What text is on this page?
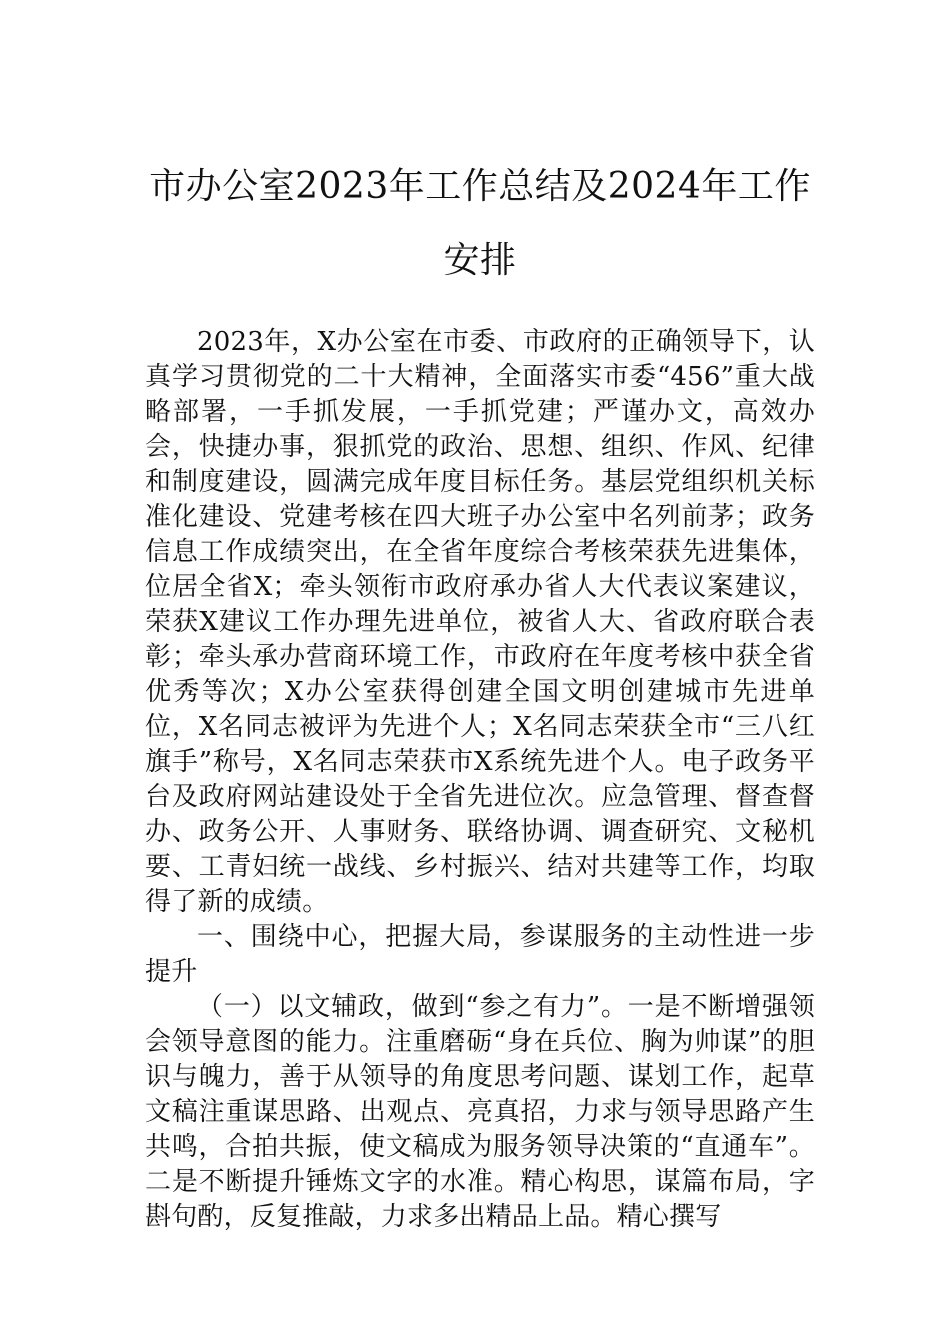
市办公室2023年工作总结及2024年工作安排

2023年，X办公室在市委、市政府的正确领导下，认真学习贯彻党的二十大精神，全面落实市委“456”重大战略部署，一手抓发展，一手抓党建；严谨办文，高效办会，快捷办事，狠抓党的政治、思想、组织、作风、纪律和制度建设，圆满完成年度目标任务。基层党组织机关标准化建设、党建考核在四大班子办公室中名列前茅；政务信息工作成绩突出，在全省年度综合考核荣获先进集体，位居全省X；牵头领衔市政府承办省人大代表议案建议，荣获X建议工作办理先进单位，被省人大、省政府联合表彰；牵头承办营商环境工作，市政府在年度考核中获全省优秀等次；X办公室获得创建全国文明创建城市先进单位，X名同志被评为先进个人；X名同志荣获全市“三八红旗手”称号，X名同志荣获市X系统先进个人。电子政务平台及政府网站建设处于全省先进位次。应急管理、督查督办、政务公开、人事财务、联络协调、调查研究、文秘机要、工青妇统一战线、乡村振兴、结对共建等工作，均取得了新的成绩。

一、围绕中心，把握大局，参谋服务的主动性进一步提升

（一）以文辅政，做到“参之有力”。一是不断增强领会领导意图的能力。注重磨砺“身在兵位、胸为帅谋”的胆识与魄力，善于从领导的角度思考问题、谋划工作，起草文稿注重谋思路、出观点、亮真招，力求与领导思路产生共鸣，合拍共振，使文稿成为服务领导决策的“直通车”。二是不断提升锤炼文字的水准。精心构思，谋篇布局，字斟句酌，反复推敲，力求多出精品上品。精心撰写
